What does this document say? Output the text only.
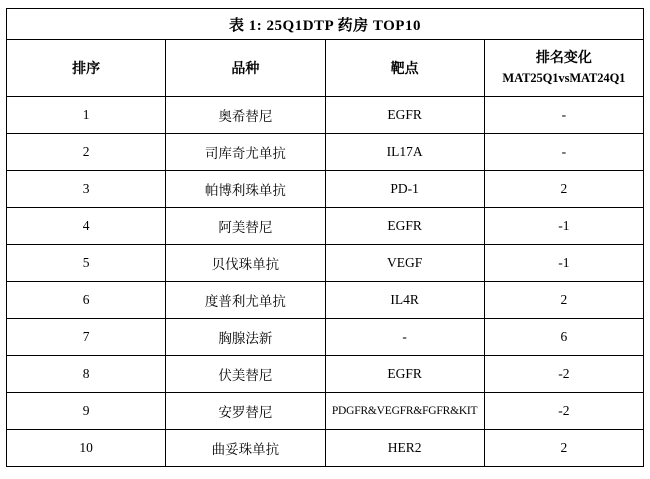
表 1: 25Q1DTP 药房 TOP10			
排序	品种	靶点	排名变化
MAT25Q1vsMAT24Q1

1	奥希替尼	EGFR	-
2	司库奇尤单抗	IL17A	-
3	帕博利珠单抗	PD-1	2
4	阿美替尼	EGFR	-1
5	贝伐珠单抗	VEGF	-1
6	度普利尤单抗	IL4R	2
7	胸腺法新	-	6
8	伏美替尼	EGFR	-2
9	安罗替尼	PDGFR&VEGFR&FGFR&KIT	-2
10	曲妥珠单抗	HER2	2
